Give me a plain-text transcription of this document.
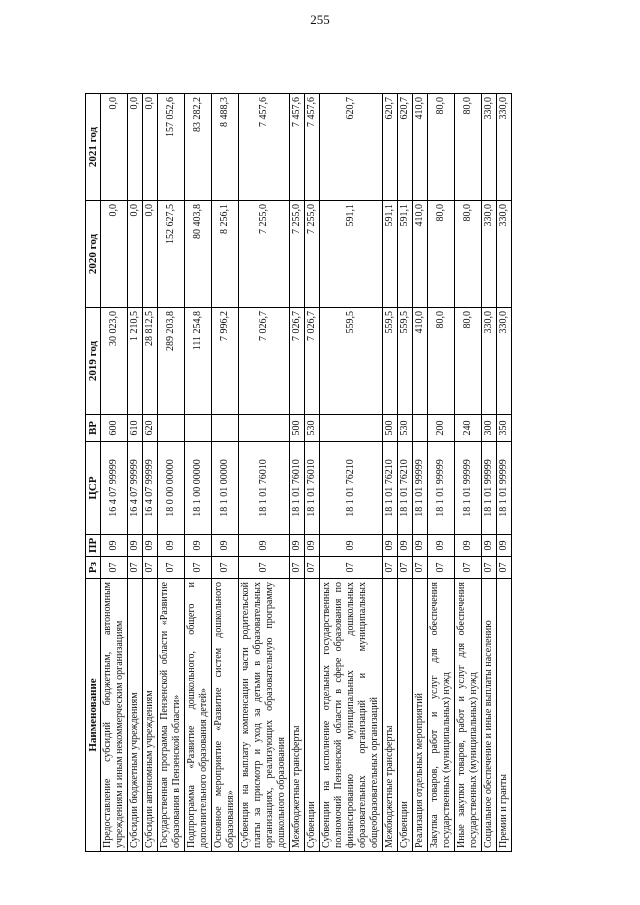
255
Наименование	Рз	ПР	ЦСР	ВР	2019 год	2020 год	2021 год
Предоставление субсидий бюджетным, автономным учреждениям и иным некоммерческим организациям	07	09	16 4 07 99999	600	30 023,0	0,0	0,0
Субсидии бюджетным учреждениям	07	09	16 4 07 99999	610	1 210,5	0,0	0,0
Субсидии автономным учреждениям	07	09	16 4 07 99999	620	28 812,5	0,0	0,0
Государственная программа Пензенской области «Развитие образования в Пензенской области»	07	09	18 0 00 00000		289 203,8	152 627,5	157 052,6
Подпрограмма «Развитие дошкольного, общего и дополнительного образования детей»	07	09	18 1 00 00000		111 254,8	80 403,8	83 282,2
Основное мероприятие «Развитие систем дошкольного образования»	07	09	18 1 01 00000		7 996,2	8 256,1	8 488,3
Субвенция на выплату компенсации части родительской платы за присмотр и уход за детьми в образовательных организациях, реализующих образовательную программу дошкольного образования	07	09	18 1 01 76010		7 026,7	7 255,0	7 457,6
Межбюджетные трансферты	07	09	18 1 01 76010	500	7 026,7	7 255,0	7 457,6
Субвенции	07	09	18 1 01 76010	530	7 026,7	7 255,0	7 457,6
Субвенции на исполнение отдельных государственных полномочий Пензенской области в сфере образования по финансированию муниципальных дошкольных образовательных организаций и муниципальных общеобразовательных организаций	07	09	18 1 01 76210		559,5	591,1	620,7
Межбюджетные трансферты	07	09	18 1 01 76210	500	559,5	591,1	620,7
Субвенции	07	09	18 1 01 76210	530	559,5	591,1	620,7
Реализация отдельных мероприятий	07	09	18 1 01 99999		410,0	410,0	410,0
Закупка товаров, работ и услуг для обеспечения государственных (муниципальных) нужд	07	09	18 1 01 99999	200	80,0	80,0	80,0
Иные закупки товаров, работ и услуг для обеспечения государственных (муниципальных) нужд	07	09	18 1 01 99999	240	80,0	80,0	80,0
Социальное обеспечение и иные выплаты населению	07	09	18 1 01 99999	300	330,0	330,0	330,0
Премии и гранты	07	09	18 1 01 99999	350	330,0	330,0	330,0
